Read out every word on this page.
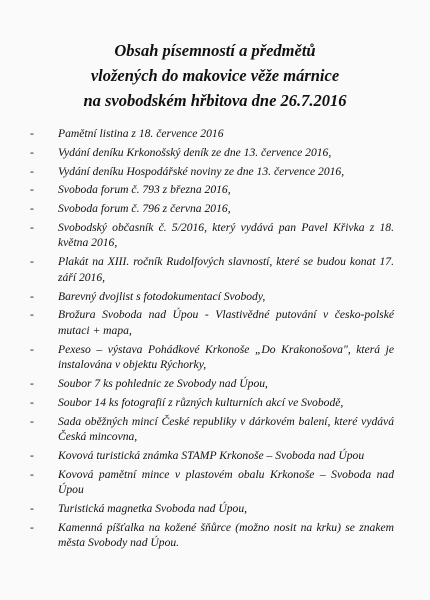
Obsah písemností a předmětů
vložených do makovice věže márnice
na svobodském hřbitova dne 26.7.2016
- Pamětní listina z 18. července 2016
- Vydání deníku Krkonošský deník ze dne 13. července 2016,
- Vydání deníku Hospodářské noviny ze dne 13. července 2016,
- Svoboda forum č. 793 z března 2016,
- Svoboda forum č. 796 z června 2016,
- Svobodský občasník č. 5/2016, který vydává pan Pavel Křivka z 18. května 2016,
- Plakát na XIII. ročník Rudolfových slavností, které se budou konat 17. září 2016,
- Barevný dvojlist s fotodokumentací Svobody,
- Brožura Svoboda nad Úpou - Vlastivědné putování v česko-polské mutaci + mapa,
- Pexeso – výstava Pohádkové Krkonoše „Do Krakonošova", která je instalována v objektu Rýchorky,
- Soubor 7 ks pohlednic ze Svobody nad Úpou,
- Soubor 14 ks fotografií z různých kulturních akcí ve Svobodě,
- Sada oběžných mincí České republiky v dárkovém balení, které vydává Česká mincovna,
- Kovová turistická známka STAMP Krkonoše – Svoboda nad Úpou
- Kovová pamětní mince v plastovém obalu Krkonoše – Svoboda nad Úpou
- Turistická magnetka Svoboda nad Úpou,
- Kamenná píšťalka na kožené šňůrce (možno nosit na krku) se znakem města Svobody nad Úpou.
